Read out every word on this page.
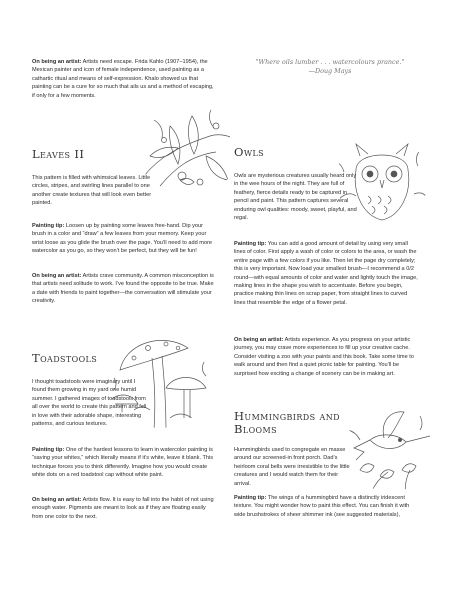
On being an artist: Artists need escape. Frida Kahlo (1907–1954), the Mexican painter and icon of female independence, used painting as a cathartic ritual and means of self-expression. Khalo showed us that painting can be a cure for so much that ails us and a method of escaping, if only for a few moments.

Leaves II

This pattern is filled with whimsical leaves. Little circles, stripes, and swirling lines parallel to one another create textures that will look even better painted.

Painting tip: Loosen up by painting some leaves free-hand. Dip your brush in a color and “draw” a few leaves from your memory. Keep your wrist loose as you glide the brush over the page. You’ll need to add more watercolor as you go, so they won’t be perfect, but they will be fun!

On being an artist: Artists crave community. A common misconception is that artists need solitude to work. I’ve found the opposite to be true. Make a date with friends to paint together—the conversation will stimulate your creativity.

Toadstools

I thought toadstools were imaginary until I found them growing in my yard one humid summer. I gathered images of toadstools from all over the world to create this pattern and fell in love with their adorable shape, interesting patterns, and curious textures.

Painting tip: One of the hardest lessons to learn in watercolor painting is “saving your whites,” which literally means if it’s white, leave it blank. This technique forces you to think differently. Imagine how you would create white dots on a red toadstool cap without white paint.

On being an artist: Artists flow. It is easy to fall into the habit of not using enough water. Pigments are meant to look as if they are floating easily from one color to the next.

"Where oils lumber . . . watercolours prance."
—Doug Mays
Owls

Owls are mysterious creatures usually heard only in the wee hours of the night. They are full of feathery, fierce details ready to be captured in pencil and paint. This pattern captures several enduring owl qualities: moody, sweet, playful, and regal.

Painting tip: You can add a good amount of detail by using very small lines of color. First apply a wash of color or colors to the area, or wash the entire page with a few colors if you like. Then let the page dry completely; this is very important. Now load your smallest brush—I recommend a 0/2 round—with equal amounts of color and water and lightly touch the image, making lines in the shape you wish to accentuate. Before you begin, practice making thin lines on scrap paper, from straight lines to curved lines that resemble the edge of a flower petal.

On being an artist: Artists experience. As you progress on your artistic journey, you may crave more experiences to fill up your creative cache. Consider visiting a zoo with your paints and this book. Take some time to walk around and then find a quiet picnic table for painting. You’ll be surprised how exciting a change of scenery can be in making art.

Hummingbirds and Blooms

Hummingbirds used to congregate en masse around our screened-in front porch. Dad’s heirloom coral bells were irresistible to the little creatures and I would watch them for their arrival.

Painting tip: The wings of a hummingbird have a distinctly iridescent texture. You might wonder how to paint this effect. You can finish it with wide brushstrokes of sheer shimmer ink (see suggested materials),
